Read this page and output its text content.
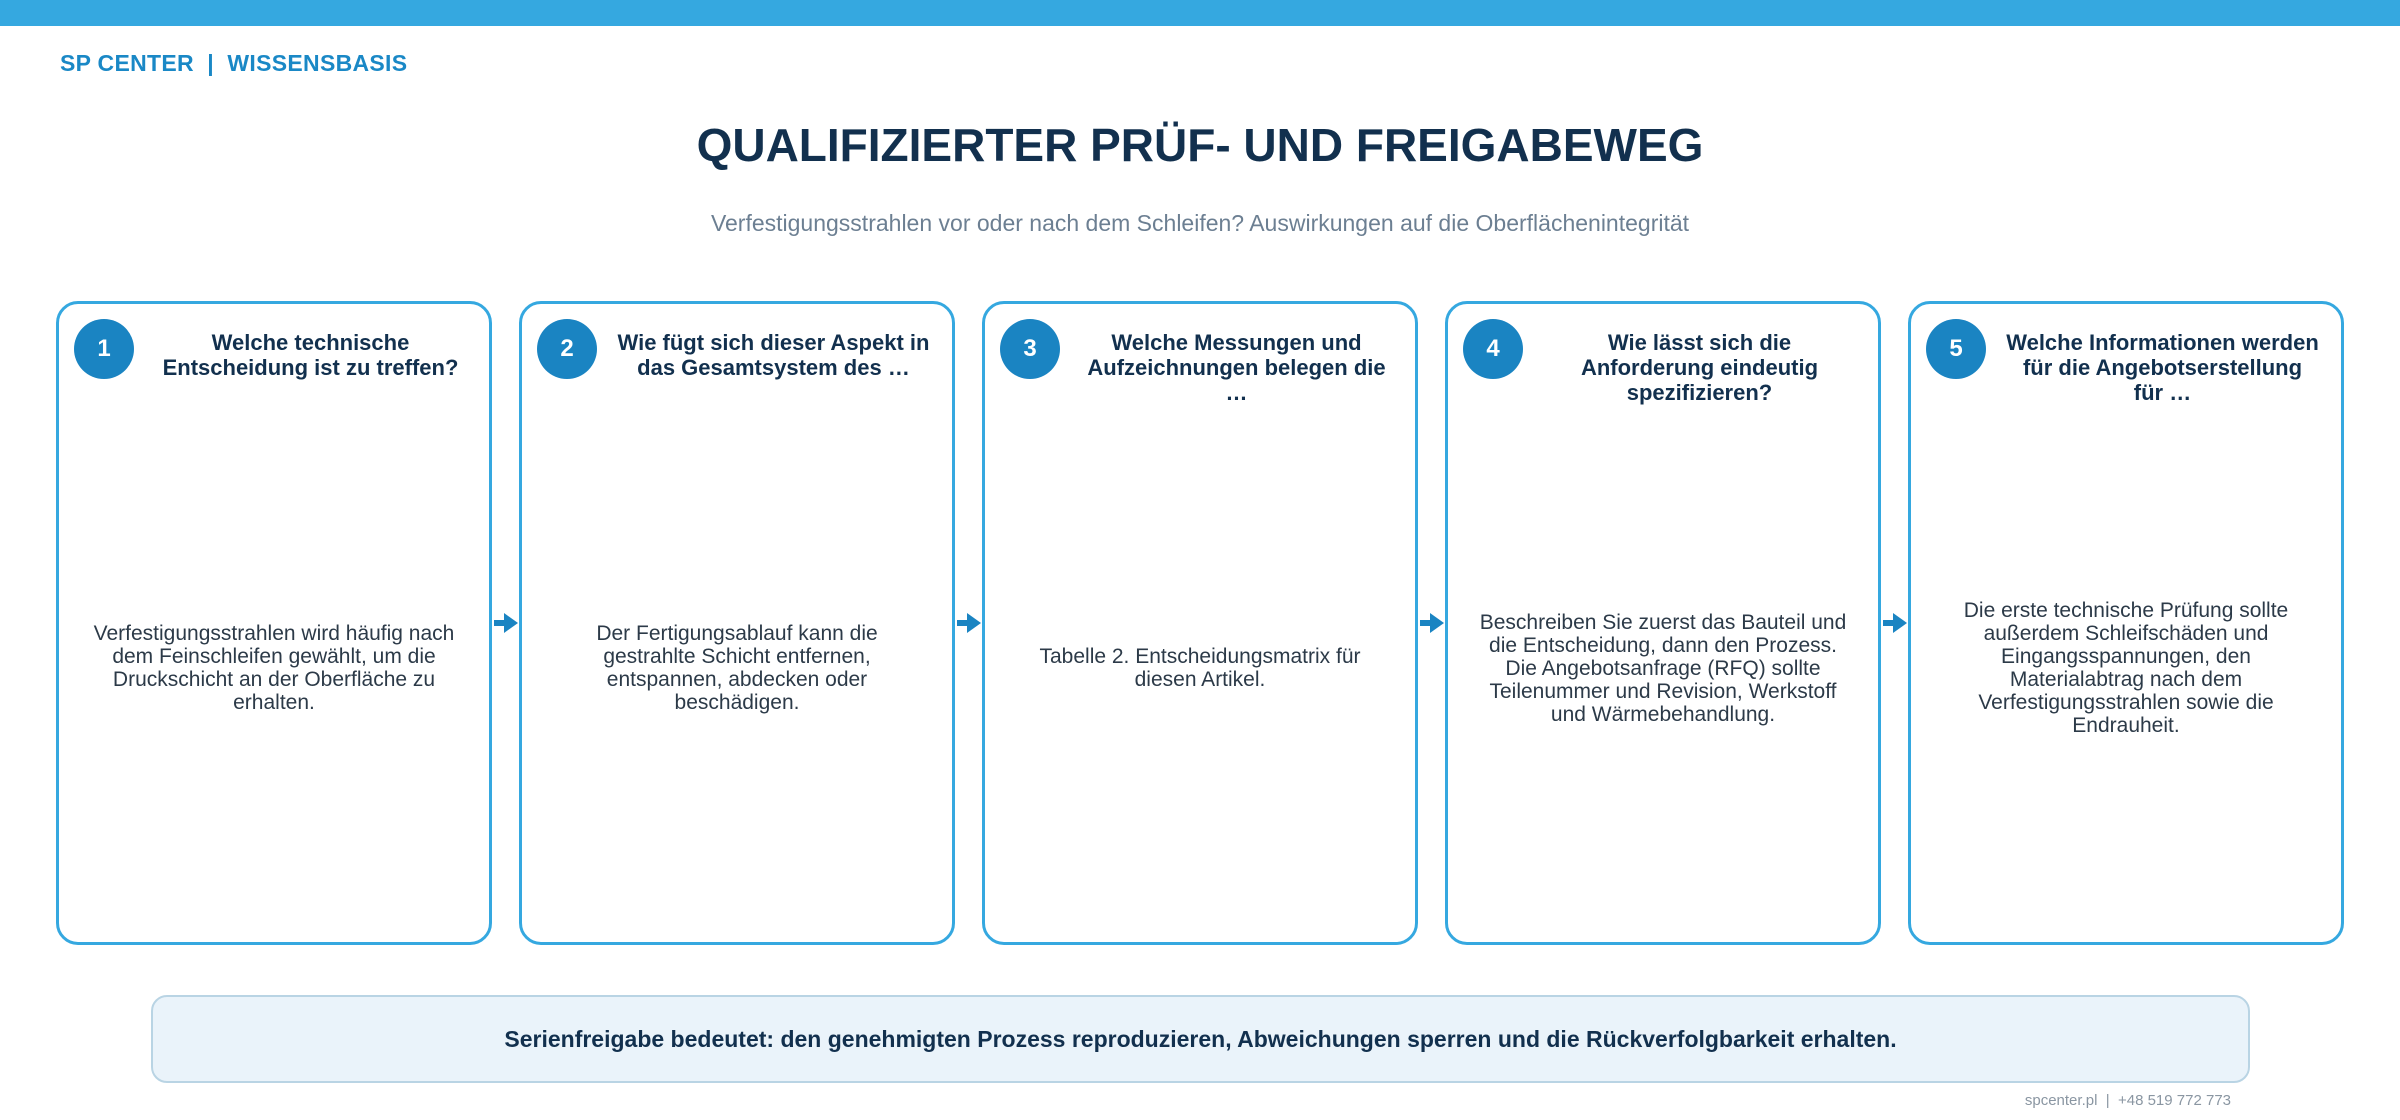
SP CENTER  |  WISSENSBASIS
QUALIFIZIERTER PRÜF- UND FREIGABEWEG
Verfestigungsstrahlen vor oder nach dem Schleifen? Auswirkungen auf die Oberflächenintegrität
1	Welche technische Entscheidung ist zu treffen?
Verfestigungsstrahlen wird häufig nach dem Feinschleifen gewählt, um die Druckschicht an der Oberfläche zu erhalten.
2	Wie fügt sich dieser Aspekt in das Gesamtsystem des …
Der Fertigungsablauf kann die gestrahlte Schicht entfernen, entspannen, abdecken oder beschädigen.
3	Welche Messungen und Aufzeichnungen belegen die …
Tabelle 2. Entscheidungsmatrix für diesen Artikel.
4	Wie lässt sich die Anforderung eindeutig spezifizieren?
Beschreiben Sie zuerst das Bauteil und die Entscheidung, dann den Prozess. Die Angebotsanfrage (RFQ) sollte Teilenummer und Revision, Werkstoff und Wärmebehandlung.
5	Welche Informationen werden für die Angebotserstellung für …
Die erste technische Prüfung sollte außerdem Schleifschäden und Eingangsspannungen, den Materialabtrag nach dem Verfestigungsstrahlen sowie die Endrauheit.
Serienfreigabe bedeutet: den genehmigten Prozess reproduzieren, Abweichungen sperren und die Rückverfolgbarkeit erhalten.
spcenter.pl  |  +48 519 772 773
